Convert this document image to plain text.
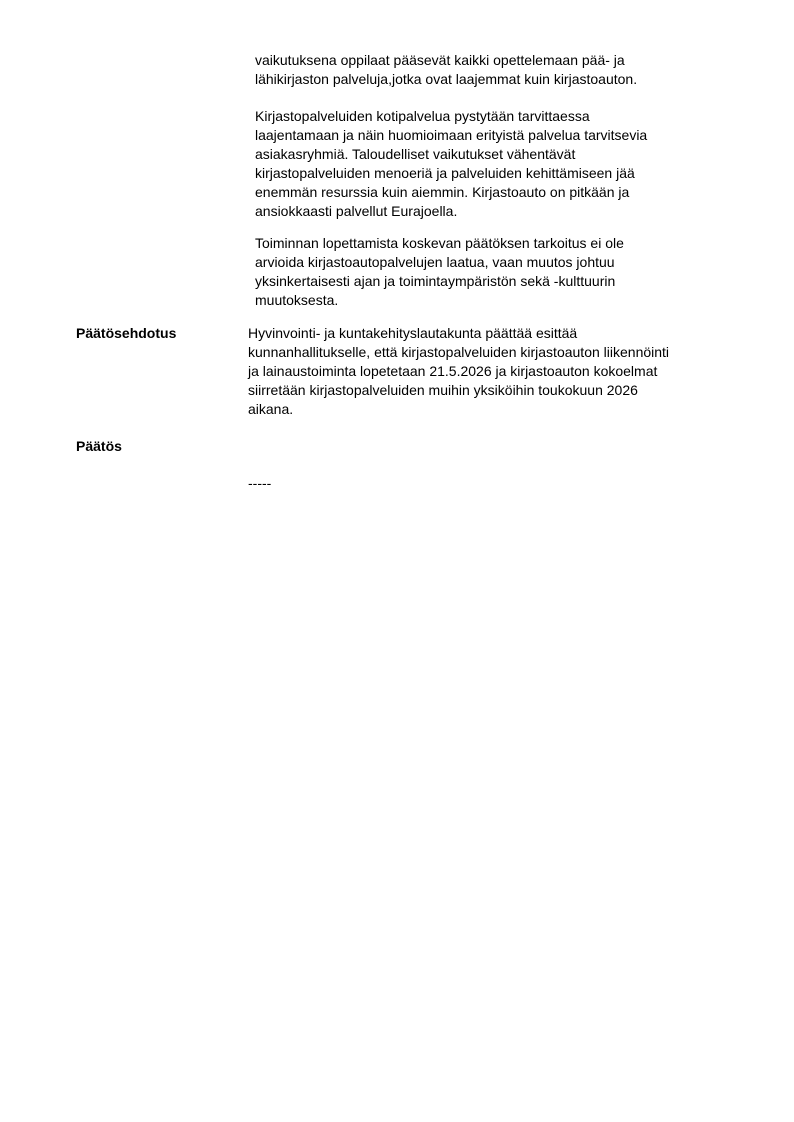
vaikutuksena oppilaat pääsevät kaikki opettelemaan pää- ja
lähikirjaston palveluja,jotka ovat laajemmat kuin kirjastoauton.
Kirjastopalveluiden kotipalvelua pystytään tarvittaessa
laajentamaan ja näin huomioimaan erityistä palvelua tarvitsevia
asiakasryhmiä. Taloudelliset vaikutukset vähentävät
kirjastopalveluiden menoeriä ja palveluiden kehittämiseen jää
enemmän resurssia kuin aiemmin. Kirjastoauto on pitkään ja
ansiokkaasti palvellut Eurajoella.
Toiminnan lopettamista koskevan päätöksen tarkoitus ei ole
arvioida kirjastoautopalvelujen laatua, vaan muutos johtuu
yksinkertaisesti ajan ja toimintaympäristön sekä -kulttuurin
muutoksesta.
Päätösehdotus	Hyvinvointi- ja kuntakehityslautakunta päättää esittää
kunnanhallitukselle, että kirjastopalveluiden kirjastoauton liikennöinti
ja lainaustoiminta lopetetaan 21.5.2026 ja kirjastoauton kokoelmat
siirretään kirjastopalveluiden muihin yksiköihin toukokuun 2026
aikana.
Päätös
-----
